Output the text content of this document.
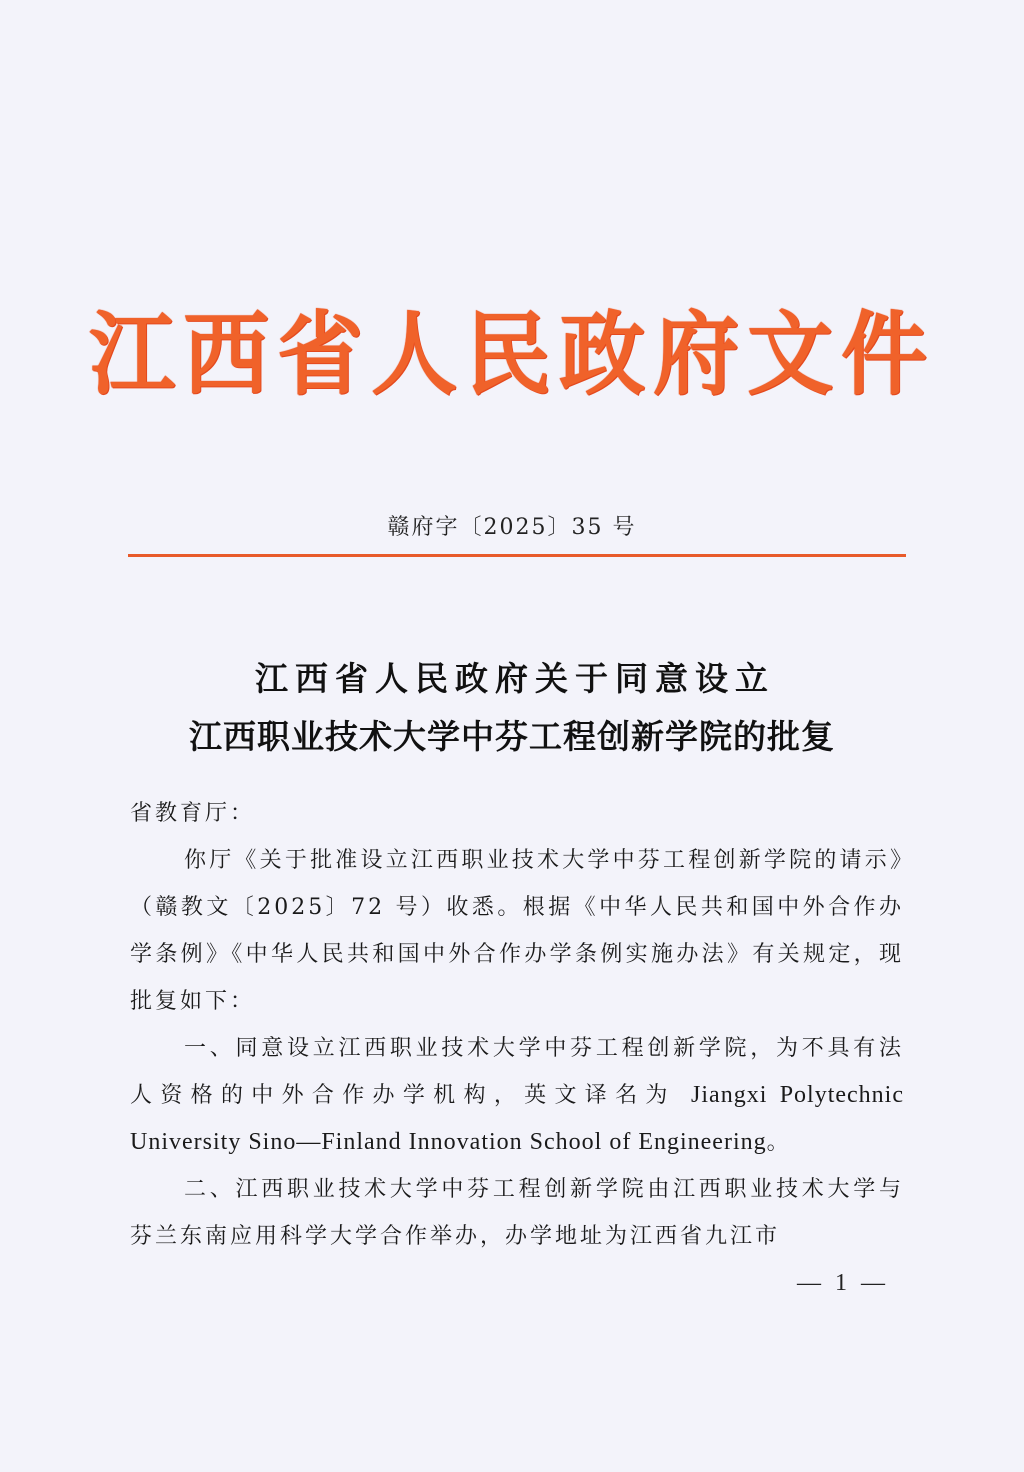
江西省人民政府文件
赣府字〔2025〕35 号
江西省人民政府关于同意设立
江西职业技术大学中芬工程创新学院的批复

省教育厅：

你厅《关于批准设立江西职业技术大学中芬工程创新学院的请示》（赣教文〔2025〕72 号）收悉。根据《中华人民共和国中外合作办学条例》《中华人民共和国中外合作办学条例实施办法》有关规定，现批复如下：

一、同意设立江西职业技术大学中芬工程创新学院，为不具有法人资格的中外合作办学机构，英文译名为 Jiangxi Polytechnic University Sino—Finland Innovation School of Engineering。

二、江西职业技术大学中芬工程创新学院由江西职业技术大学与芬兰东南应用科学大学合作举办，办学地址为江西省九江市

— 1 —
